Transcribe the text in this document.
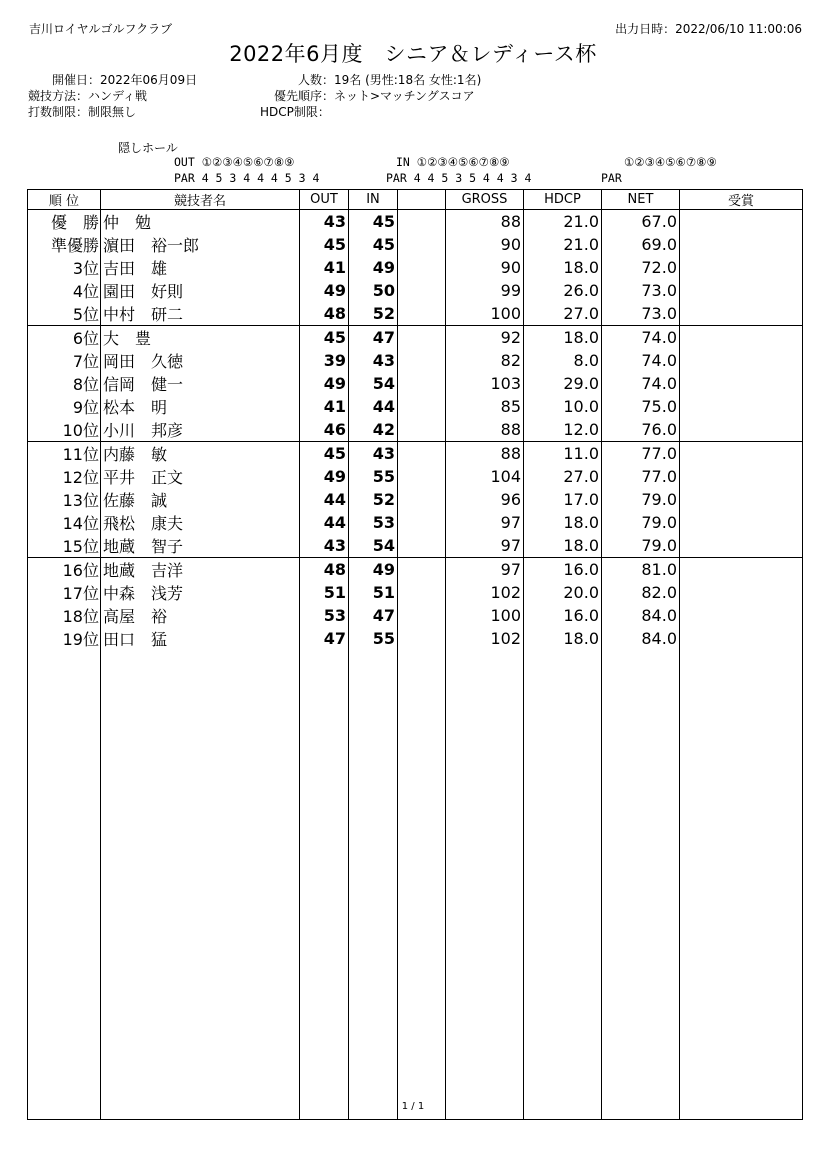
吉川ロイヤルゴルフクラブ	出力日時：2022/06/10 11:00:06
2022年6月度　シニア＆レディース杯
開催日：2022年06月09日
競技方法：ハンディ戦
打数制限：制限無し
人数：19名 (男性:18名 女性:1名)
優先順序：ネット>マッチングスコア
HDCP制限：
隠しホール
OUT ①②③④⑤⑥⑦⑧⑨	IN ①②③④⑤⑥⑦⑧⑨	①②③④⑤⑥⑦⑧⑨
PAR 4 5 3 4 4 4 5 3 4	PAR 4 4 5 3 5 4 4 3 4	PAR
順 位	競技者名	OUT	IN		GROSS	HDCP	NET	受賞
優　勝	仲　勉	43	45		88	21.0	67.0	
準優勝	濵田　裕一郎	45	45		90	21.0	69.0	
3位	吉田　雄	41	49		90	18.0	72.0	
4位	園田　好則	49	50		99	26.0	73.0	
5位	中村　研二	48	52		100	27.0	73.0	
6位	大　豊	45	47		92	18.0	74.0	
7位	岡田　久徳	39	43		82	8.0	74.0	
8位	信岡　健一	49	54		103	29.0	74.0	
9位	松本　明	41	44		85	10.0	75.0	
10位	小川　邦彦	46	42		88	12.0	76.0	
11位	内藤　敏	45	43		88	11.0	77.0	
12位	平井　正文	49	55		104	27.0	77.0	
13位	佐藤　誠	44	52		96	17.0	79.0	
14位	飛松　康夫	44	53		97	18.0	79.0	
15位	地蔵　智子	43	54		97	18.0	79.0	
16位	地蔵　吉洋	48	49		97	16.0	81.0	
17位	中森　浅芳	51	51		102	20.0	82.0	
18位	高屋　裕	53	47		100	16.0	84.0	
19位	田口　猛	47	55		102	18.0	84.0	

1 / 1
